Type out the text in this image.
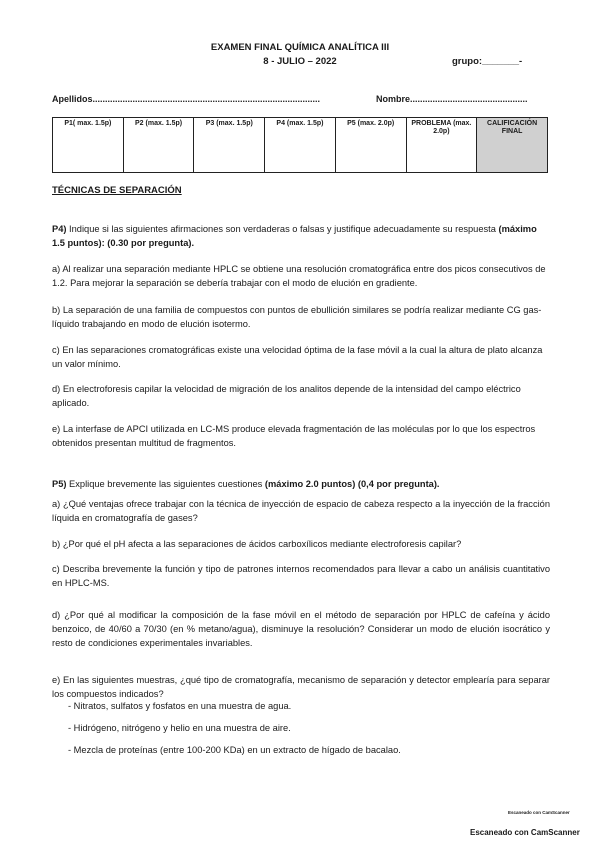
EXAMEN FINAL QUÍMICA ANALÍTICA III
8 - JULIO – 2022	grupo:_______-
Apellidos...........................................................................................	Nombre...............................................
P1( max. 1.5p)	P2 (max. 1.5p)	P3 (max. 1.5p)	P4 (max. 1.5p)	P5 (max. 2.0p)	PROBLEMA (max. 2.0p)	CALIFICACIÓN FINAL
TÉCNICAS DE SEPARACIÓN
P4) Indique si las siguientes afirmaciones son verdaderas o falsas y justifique adecuadamente su respuesta (máximo 1.5 puntos): (0.30 por pregunta).
a) Al realizar una separación mediante HPLC se obtiene una resolución cromatográfica entre dos picos consecutivos de 1.2. Para mejorar la separación se debería trabajar con el modo de elución en gradiente.
b) La separación de una familia de compuestos con puntos de ebullición similares se podría realizar mediante CG gas-líquido trabajando en modo de elución isotermo.
c) En las separaciones cromatográficas existe una velocidad óptima de la fase móvil a la cual la altura de plato alcanza un valor mínimo.
d) En electroforesis capilar la velocidad de migración de los analitos depende de la intensidad del campo eléctrico aplicado.
e) La interfase de APCI utilizada en LC-MS produce elevada fragmentación de las moléculas por lo que los espectros obtenidos presentan multitud de fragmentos.
P5) Explique brevemente las siguientes cuestiones (máximo 2.0 puntos) (0,4 por pregunta).
a) ¿Qué ventajas ofrece trabajar con la técnica de inyección de espacio de cabeza respecto a la inyección de la fracción líquida en cromatografía de gases?
b) ¿Por qué el pH afecta a las separaciones de ácidos carboxílicos mediante electroforesis capilar?
c) Describa brevemente la función y tipo de patrones internos recomendados para llevar a cabo un análisis cuantitativo en HPLC-MS.
d) ¿Por qué al modificar la composición de la fase móvil en el método de separación por HPLC de cafeína y ácido benzoico, de 40/60 a 70/30 (en % metano/agua), disminuye la resolución? Considerar un modo de elución isocrático y resto de condiciones experimentales invariables.
e) En las siguientes muestras, ¿qué tipo de cromatografía, mecanismo de separación y detector emplearía para separar los compuestos indicados?
- Nitratos, sulfatos y fosfatos en una muestra de agua.
- Hidrógeno, nitrógeno y helio en una muestra de aire.
- Mezcla de proteínas (entre 100-200 KDa) en un extracto de hígado de bacalao.
Escaneado con CamScanner
Escaneado con CamScanner
